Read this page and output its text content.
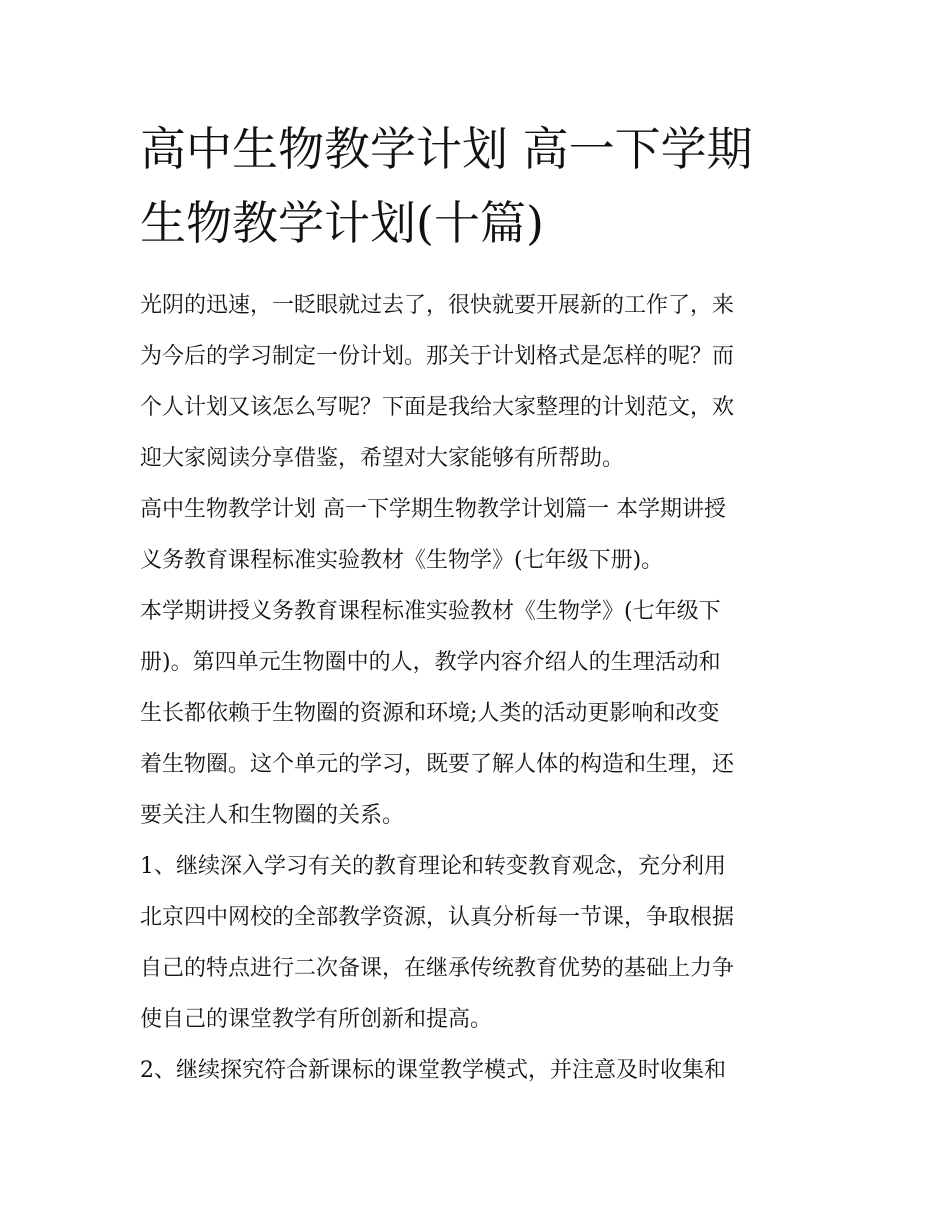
高中生物教学计划 高一下学期
生物教学计划(十篇)

光阴的迅速，一眨眼就过去了，很快就要开展新的工作了，来
为今后的学习制定一份计划。那关于计划格式是怎样的呢？而
个人计划又该怎么写呢？下面是我给大家整理的计划范文，欢
迎大家阅读分享借鉴，希望对大家能够有所帮助。

高中生物教学计划 高一下学期生物教学计划篇一 本学期讲授
义务教育课程标准实验教材《生物学》(七年级下册)。

本学期讲授义务教育课程标准实验教材《生物学》(七年级下
册)。第四单元生物圈中的人，教学内容介绍人的生理活动和
生长都依赖于生物圈的资源和环境;人类的活动更影响和改变
着生物圈。这个单元的学习，既要了解人体的构造和生理，还
要关注人和生物圈的关系。

1、继续深入学习有关的教育理论和转变教育观念，充分利用
北京四中网校的全部教学资源，认真分析每一节课，争取根据
自己的特点进行二次备课，在继承传统教育优势的基础上力争
使自己的课堂教学有所创新和提高。

2、继续探究符合新课标的课堂教学模式，并注意及时收集和
